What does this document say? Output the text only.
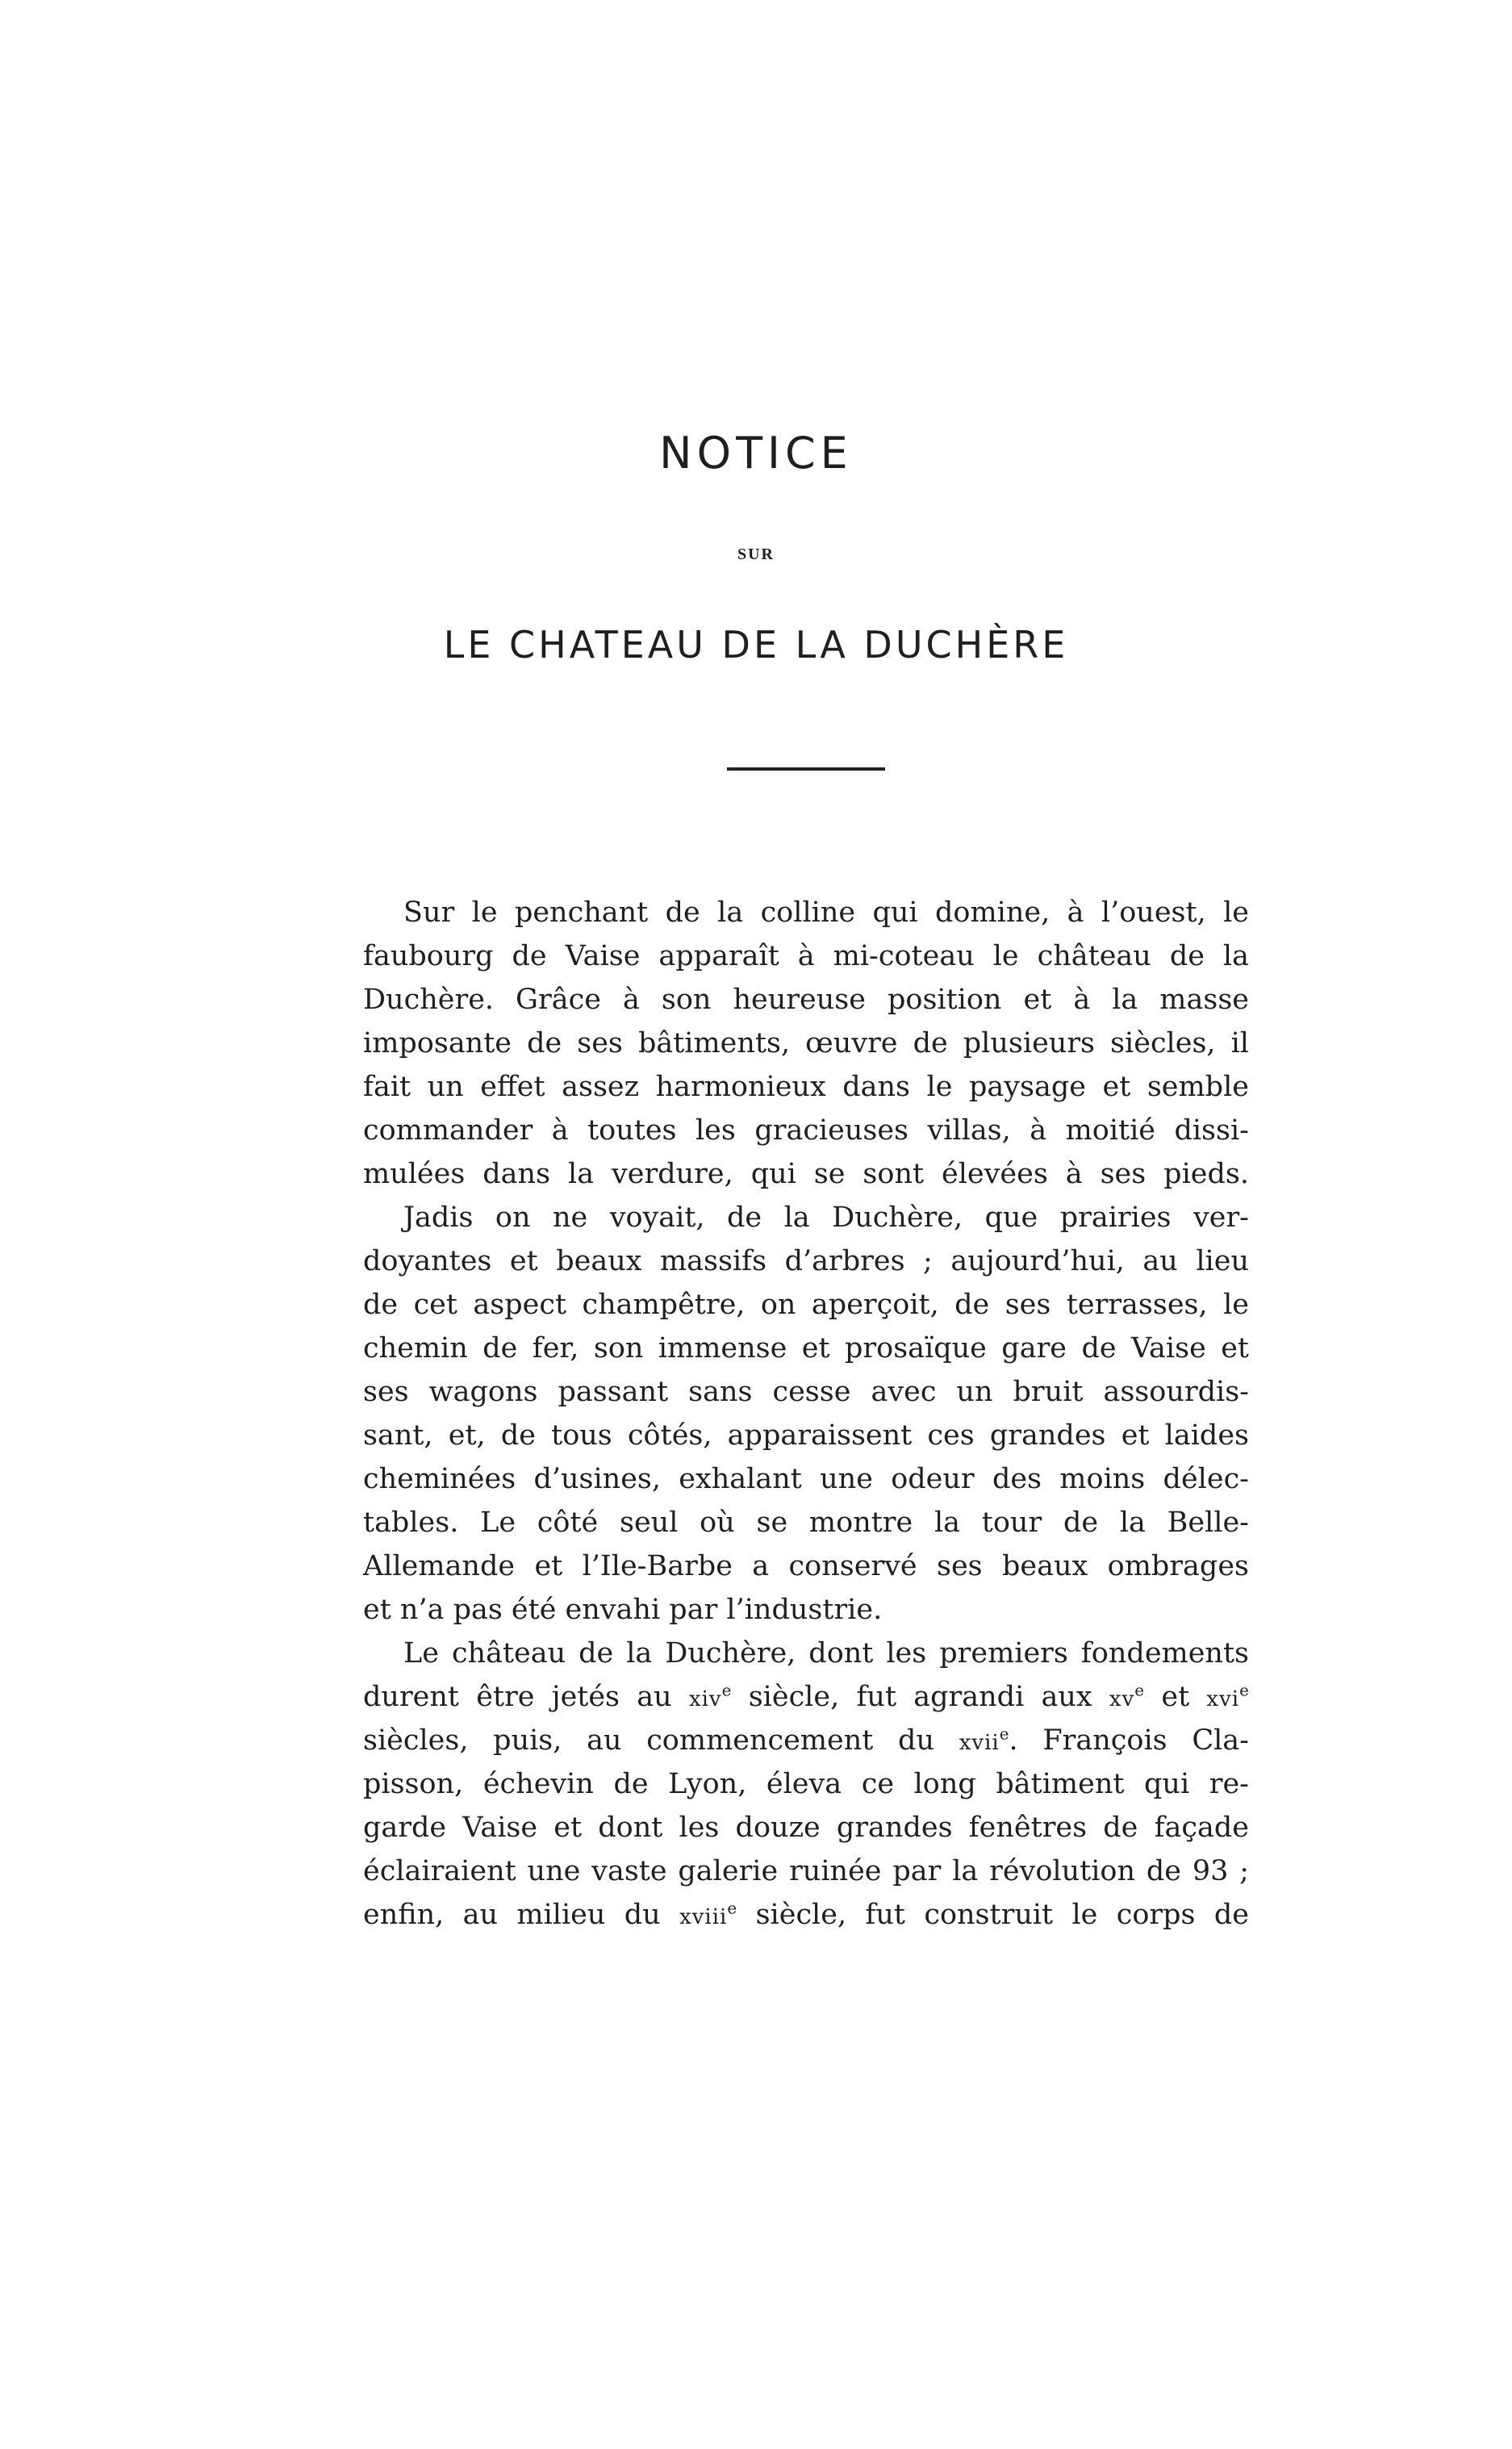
NOTICE
SUR
LE CHATEAU DE LA DUCHÈRE
Sur le penchant de la colline qui domine, à l’ouest, le
faubourg de Vaise apparaît à mi-coteau le château de la
Duchère. Grâce à son heureuse position et à la masse
imposante de ses bâtiments, œuvre de plusieurs siècles, il
fait un effet assez harmonieux dans le paysage et semble
commander à toutes les gracieuses villas, à moitié dissi-
mulées dans la verdure, qui se sont élevées à ses pieds.
Jadis on ne voyait, de la Duchère, que prairies ver-
doyantes et beaux massifs d’arbres ; aujourd’hui, au lieu
de cet aspect champêtre, on aperçoit, de ses terrasses, le
chemin de fer, son immense et prosaïque gare de Vaise et
ses wagons passant sans cesse avec un bruit assourdis-
sant, et, de tous côtés, apparaissent ces grandes et laides
cheminées d’usines, exhalant une odeur des moins délec-
tables. Le côté seul où se montre la tour de la Belle-
Allemande et l’Ile-Barbe a conservé ses beaux ombrages
et n’a pas été envahi par l’industrie.
Le château de la Duchère, dont les premiers fondements
durent être jetés au xiv$^e$ siècle, fut agrandi aux $xv^e$ et xvi$^e$
siècles, puis, au commencement du xvii$^e$. François Cla-
pisson, échevin de Lyon, éleva ce long bâtiment qui re-
garde Vaise et dont les douze grandes fenêtres de façade
éclairaient une vaste galerie ruinée par la révolution de 93 ;
enfin, au milieu du xviii$^e$ siècle, fut construit le corps de
